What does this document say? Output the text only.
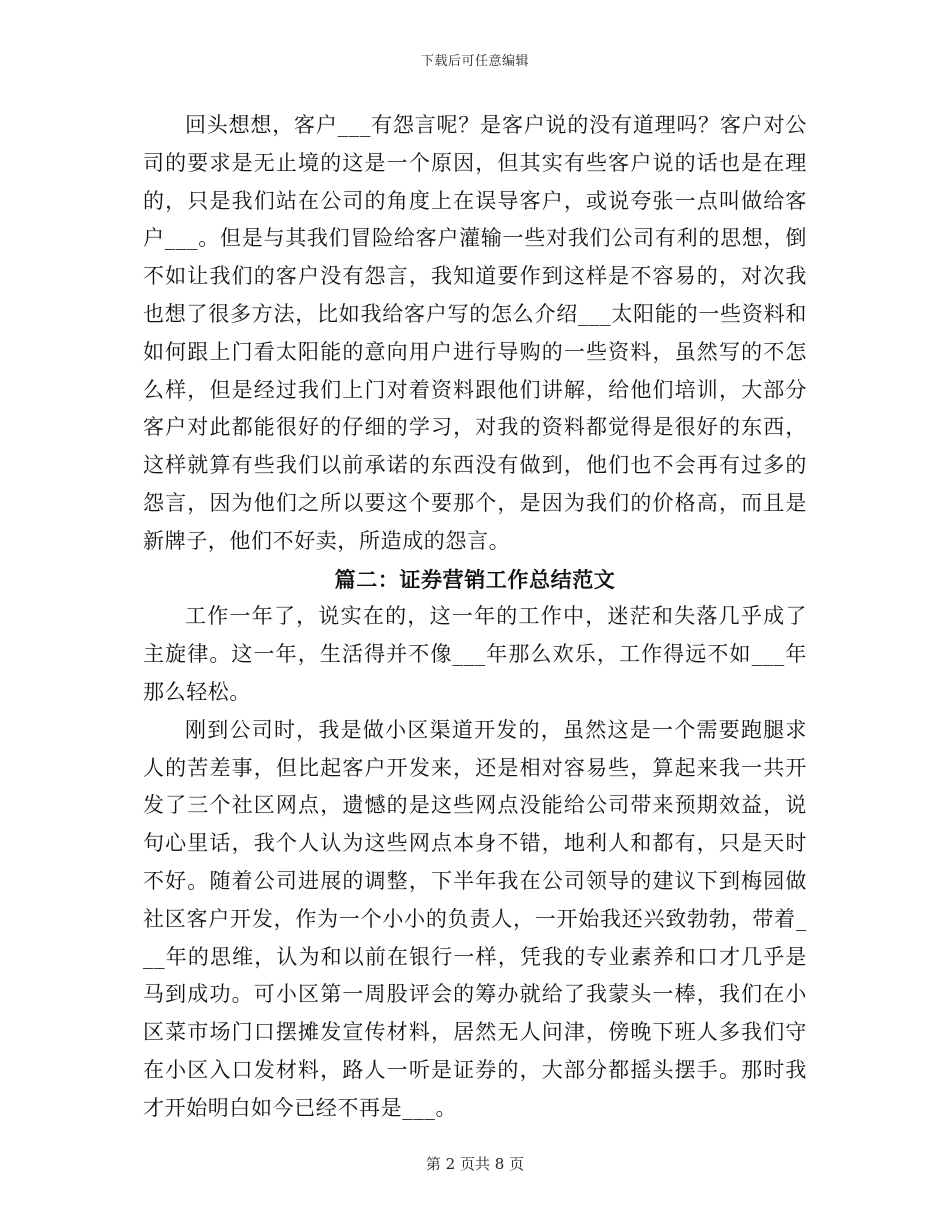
下载后可任意编辑

回头想想，客户___有怨言呢？是客户说的没有道理吗？客户对公司的要求是无止境的这是一个原因，但其实有些客户说的话也是在理的，只是我们站在公司的角度上在误导客户，或说夸张一点叫做给客户___。但是与其我们冒险给客户灌输一些对我们公司有利的思想，倒不如让我们的客户没有怨言，我知道要作到这样是不容易的，对次我也想了很多方法，比如我给客户写的怎么介绍___太阳能的一些资料和如何跟上门看太阳能的意向用户进行导购的一些资料，虽然写的不怎么样，但是经过我们上门对着资料跟他们讲解，给他们培训，大部分客户对此都能很好的仔细的学习，对我的资料都觉得是很好的东西，这样就算有些我们以前承诺的东西没有做到，他们也不会再有过多的怨言，因为他们之所以要这个要那个，是因为我们的价格高，而且是新牌子，他们不好卖，所造成的怨言。

篇二：证券营销工作总结范文

工作一年了，说实在的，这一年的工作中，迷茫和失落几乎成了主旋律。这一年，生活得并不像___年那么欢乐，工作得远不如___年那么轻松。

刚到公司时，我是做小区渠道开发的，虽然这是一个需要跑腿求人的苦差事，但比起客户开发来，还是相对容易些，算起来我一共开发了三个社区网点，遗憾的是这些网点没能给公司带来预期效益，说句心里话，我个人认为这些网点本身不错，地利人和都有，只是天时不好。随着公司进展的调整，下半年我在公司领导的建议下到梅园做社区客户开发，作为一个小小的负责人，一开始我还兴致勃勃，带着___年的思维，认为和以前在银行一样，凭我的专业素养和口才几乎是马到成功。可小区第一周股评会的筹办就给了我蒙头一棒，我们在小区菜市场门口摆摊发宣传材料，居然无人问津，傍晚下班人多我们守在小区入口发材料，路人一听是证券的，大部分都摇头摆手。那时我才开始明白如今已经不再是___。

第 2 页共 8 页
